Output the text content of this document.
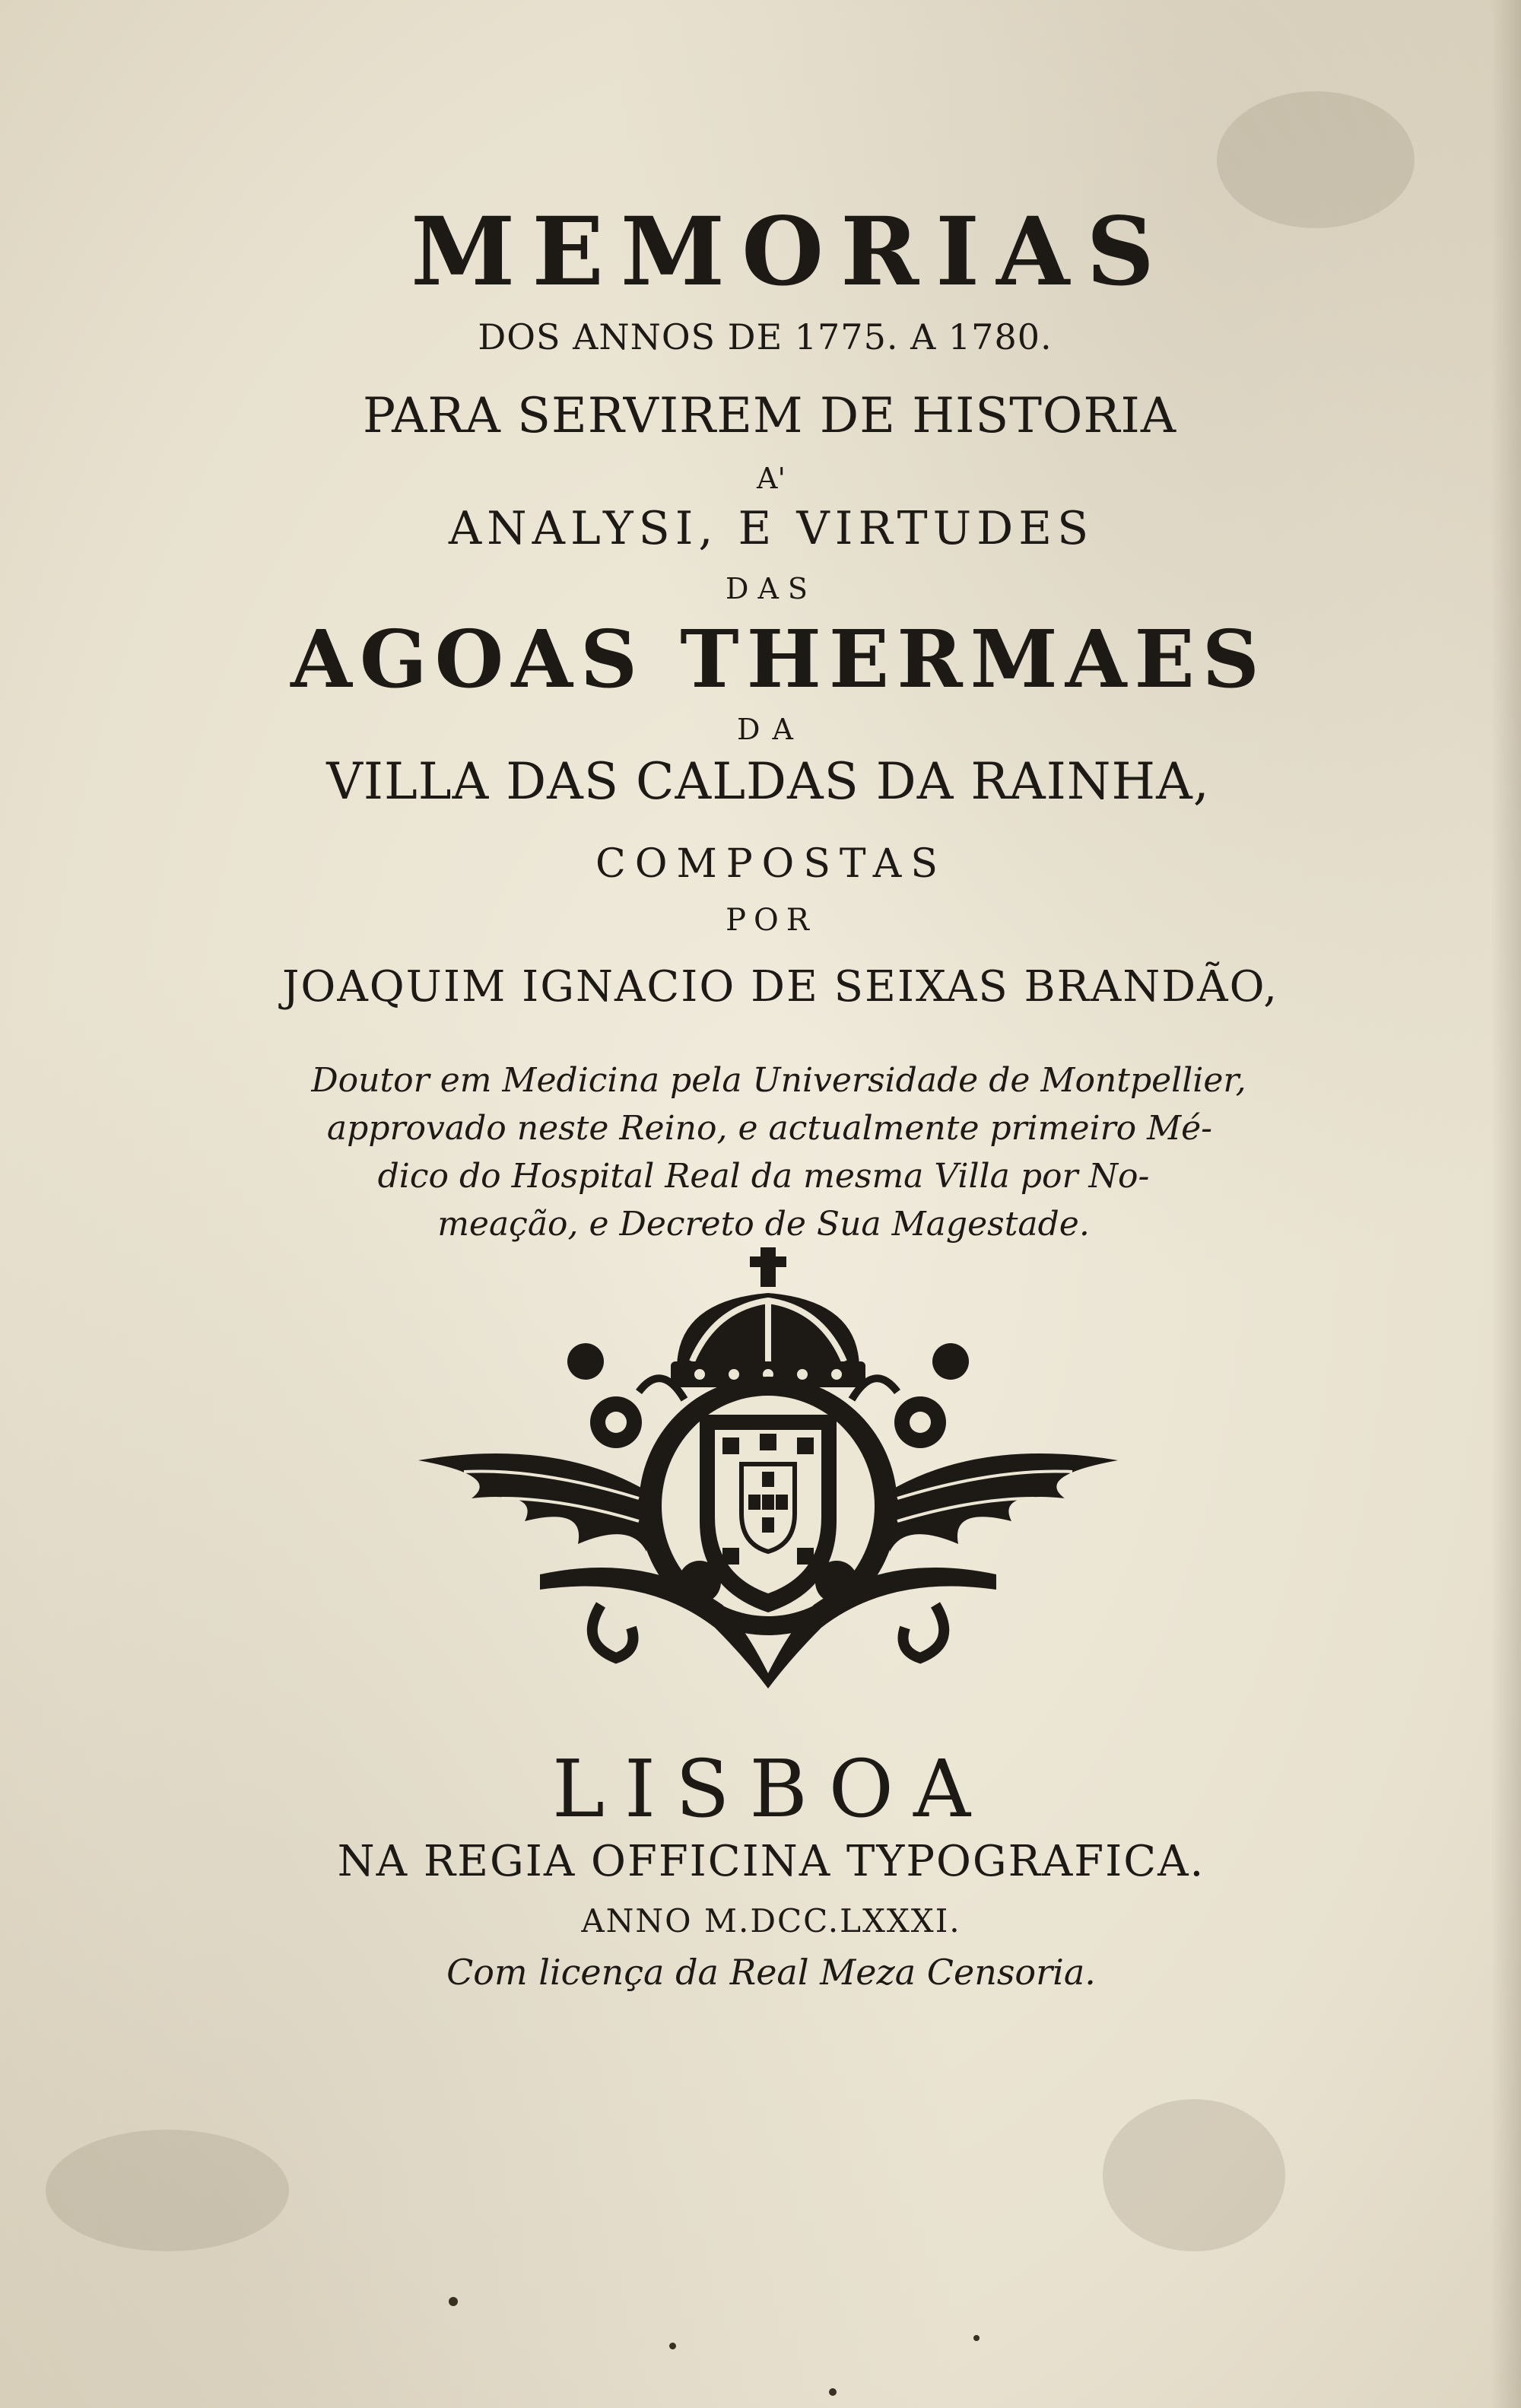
MEMORIAS

DOS ANNOS DE 1775. A 1780.

PARA SERVIREM DE HISTORIA

A'

ANALYSI, E VIRTUDES

DAS

AGOAS THERMAES

DA

VILLA DAS CALDAS DA RAINHA,

COMPOSTAS

POR

JOAQUIM IGNACIO DE SEIXAS BRANDÃO,

Doutor em Medicina pela Universidade de Montpellier,

approvado neste Reino, e actualmente primeiro Mé-

dico do Hospital Real da mesma Villa por No-

meação, e Decreto de Sua Magestade.

LISBOA

NA REGIA OFFICINA TYPOGRAFICA.

ANNO M.DCC.LXXXI.

Com licença da Real Meza Censoria.
